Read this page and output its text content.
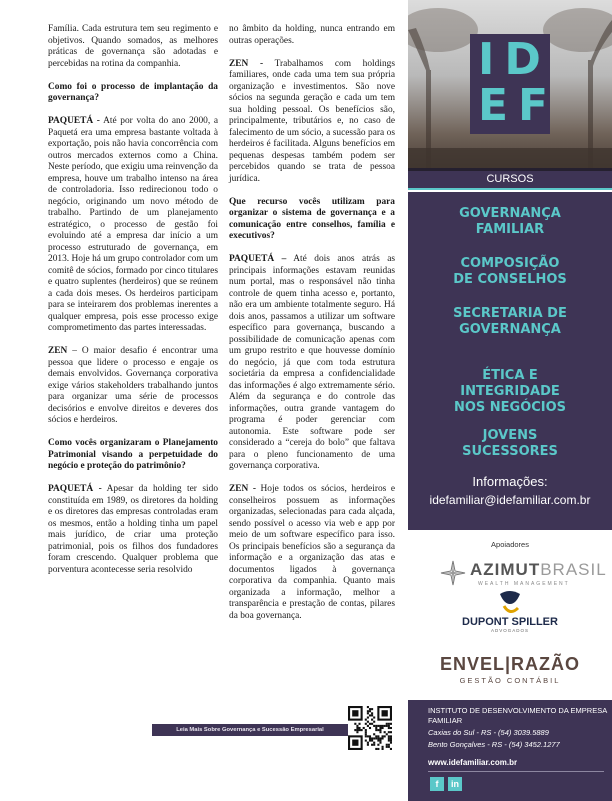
Família. Cada estrutura tem seu regimento e objetivos. Quando somados, as melhores práticas de governança são adotadas e percebidas na rotina da companhia.

Como foi o processo de implantação da governança?

PAQUETÁ - Até por volta do ano 2000, a Paquetá era uma empresa bastante voltada à exportação, pois não havia concorrência com outros mercados externos como a China. Neste período, que exigiu uma reinvenção da empresa, houve um trabalho intenso na área de controladoria. Isso redirecionou todo o negócio, originando um novo método de trabalho. Partindo de um planejamento estratégico, o processo de gestão foi evoluindo até a empresa dar início a um processo estruturado de governança, em 2013. Hoje há um grupo controlador com um comitê de sócios, formado por cinco titulares e quatro suplentes (herdeiros) que se reúnem a cada dois meses. Os herdeiros participam para se inteirarem dos problemas inerentes a qualquer empresa, pois esse processo exige comprometimento das partes interessadas.

ZEN – O maior desafio é encontrar uma pessoa que lidere o processo e engaje os demais envolvidos. Governança corporativa exige vários stakeholders trabalhando juntos para organizar uma série de processos decisórios e envolve direitos e deveres dos sócios e herdeiros.

Como vocês organizaram o Planejamento Patrimonial visando a perpetuidade do negócio e proteção do patrimônio?

PAQUETÁ - Apesar da holding ter sido constituída em 1989, os diretores da holding e os diretores das empresas controladas eram os mesmos, então a holding tinha um papel mais jurídico, de criar uma proteção patrimonial, pois os filhos dos fundadores foram crescendo. Qualquer problema que porventura acontecesse seria resolvido

no âmbito da holding, nunca entrando em outras operações.

ZEN - Trabalhamos com holdings familiares, onde cada uma tem sua própria organização e investimentos. São nove sócios na segunda geração e cada um tem sua holding pessoal. Os benefícios são, principalmente, tributários e, no caso de falecimento de um sócio, a sucessão para os herdeiros é facilitada. Alguns benefícios em pequenas despesas também podem ser percebidos quando se trata de pessoa jurídica.

Que recurso vocês utilizam para organizar o sistema de governança e a comunicação entre conselhos, família e executivos?

PAQUETÁ – Até dois anos atrás as principais informações estavam reunidas num portal, mas o responsável não tinha controle de quem tinha acesso e, portanto, não era um ambiente totalmente seguro. Há dois anos, passamos a utilizar um software específico para governança, buscando a possibilidade de comunicação apenas com um grupo restrito e que houvesse domínio do negócio, já que com toda estrutura societária da empresa a confidencialidade das informações é algo extremamente sério. Além da segurança e do controle das informações, outra grande vantagem do programa é poder gerenciar com autonomia. Este software pode ser considerado a “cereja do bolo” que faltava para o pleno funcionamento de uma governança corporativa.

ZEN - Hoje todos os sócios, herdeiros e conselheiros possuem as informações organizadas, selecionadas para cada alçada, sendo possível o acesso via web e app por meio de um software específico para isso. Os principais benefícios são a segurança da informação e a organização das atas e documentos ligados à governança corporativa da companhia. Quanto mais organizada a informação, melhor a transparência e prestação de contas, pilares da boa governança.

Leia Mais Sobre Governança e Sucessão Empresarial
ID
EF
CURSOS
Informações:
idefamiliar@idefamiliar.com.br
GOVERNANÇA
FAMILIAR
COMPOSIÇÃO
DE CONSELHOS
SECRETARIA DE
GOVERNANÇA
ÉTICA E
INTEGRIDADE
NOS NEGÓCIOS
JOVENS
SUCESSORES
Apoiadores
AZIMUTBRASIL
WEALTH MANAGEMENT
DUPONT SPILLER
ADVOGADOS
ENVEL|RAZÃO
GESTÃO CONTÁBIL
INSTITUTO DE DESENVOLVIMENTO DA EMPRESA FAMILIAR
Caxias do Sul - RS - (54) 3039.5889
Bento Gonçalves - RS - (54) 3452.1277
www.idefamiliar.com.br
f	in
